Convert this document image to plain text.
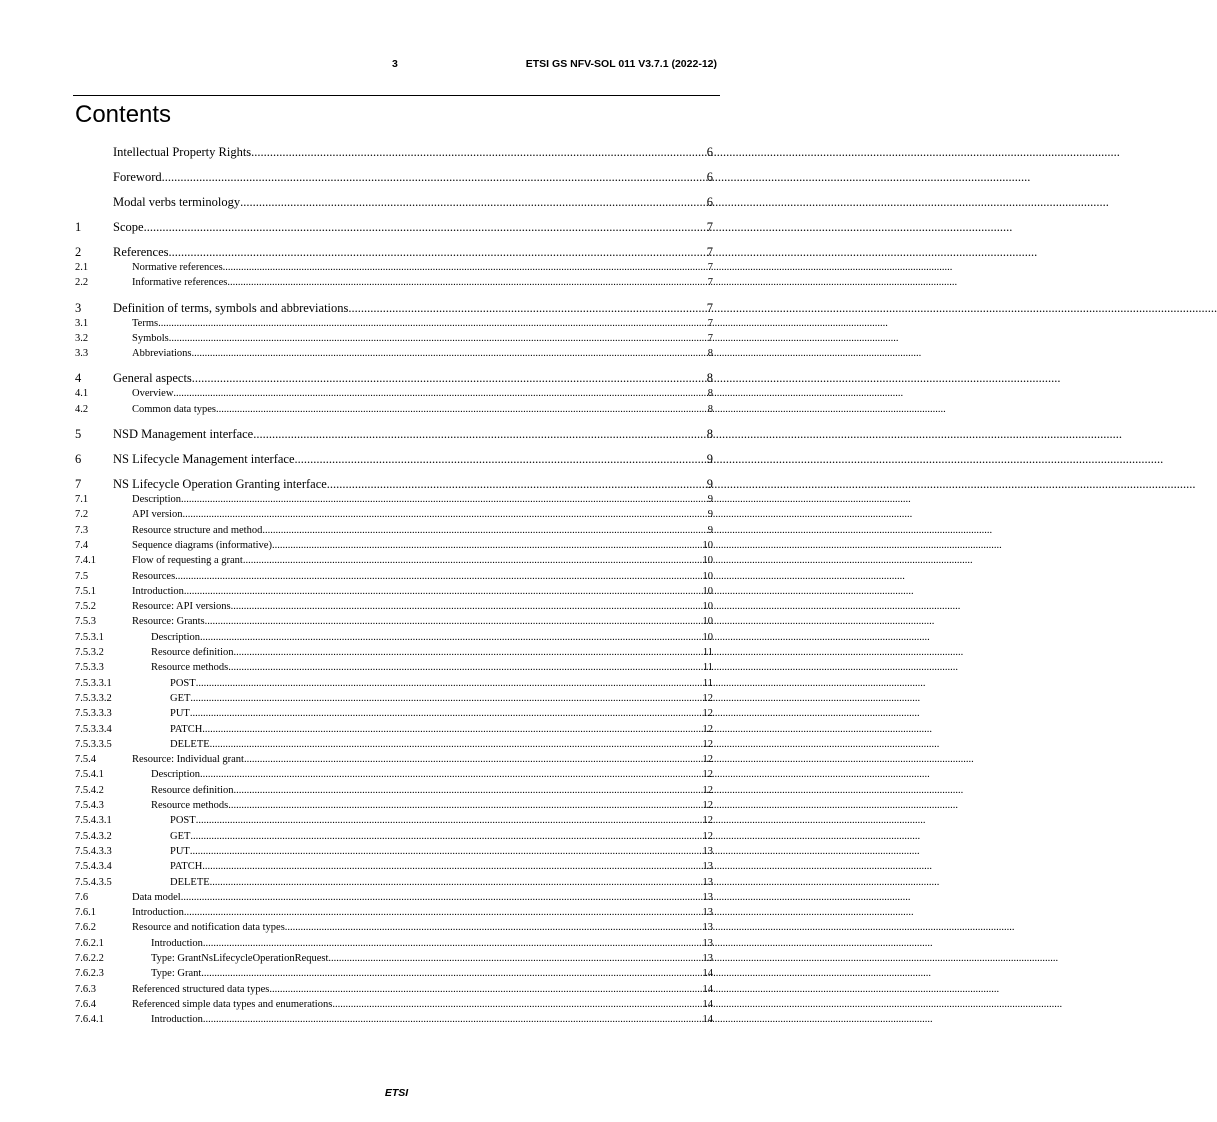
3	ETSI GS NFV-SOL 011 V3.7.1 (2022-12)
Contents
Intellectual Property Rights .....	6
Foreword .....	6
Modal verbs terminology .....	6
1	Scope .....	7
2	References .....	7
2.1	Normative references .....	7
2.2	Informative references .....	7
3	Definition of terms, symbols and abbreviations .....	7
3.1	Terms .....	7
3.2	Symbols .....	7
3.3	Abbreviations .....	8
4	General aspects .....	8
4.1	Overview .....	8
4.2	Common data types .....	8
5	NSD Management interface .....	8
6	NS Lifecycle Management interface .....	9
7	NS Lifecycle Operation Granting interface .....	9
7.1	Description .....	9
7.2	API version .....	9
7.3	Resource structure and method .....	9
7.4	Sequence diagrams (informative) .....	10
7.4.1	Flow of requesting a grant .....	10
7.5	Resources .....	10
7.5.1	Introduction .....	10
7.5.2	Resource: API versions .....	10
7.5.3	Resource: Grants .....	10
7.5.3.1	Description .....	10
7.5.3.2	Resource definition .....	11
7.5.3.3	Resource methods .....	11
7.5.3.3.1	POST .....	11
7.5.3.3.2	GET .....	12
7.5.3.3.3	PUT .....	12
7.5.3.3.4	PATCH .....	12
7.5.3.3.5	DELETE .....	12
7.5.4	Resource: Individual grant .....	12
7.5.4.1	Description .....	12
7.5.4.2	Resource definition .....	12
7.5.4.3	Resource methods .....	12
7.5.4.3.1	POST .....	12
7.5.4.3.2	GET .....	12
7.5.4.3.3	PUT .....	13
7.5.4.3.4	PATCH .....	13
7.5.4.3.5	DELETE .....	13
7.6	Data model .....	13
7.6.1	Introduction .....	13
7.6.2	Resource and notification data types .....	13
7.6.2.1	Introduction .....	13
7.6.2.2	Type: GrantNsLifecycleOperationRequest .....	13
7.6.2.3	Type: Grant .....	14
7.6.3	Referenced structured data types .....	14
7.6.4	Referenced simple data types and enumerations .....	14
7.6.4.1	Introduction .....	14
ETSI
